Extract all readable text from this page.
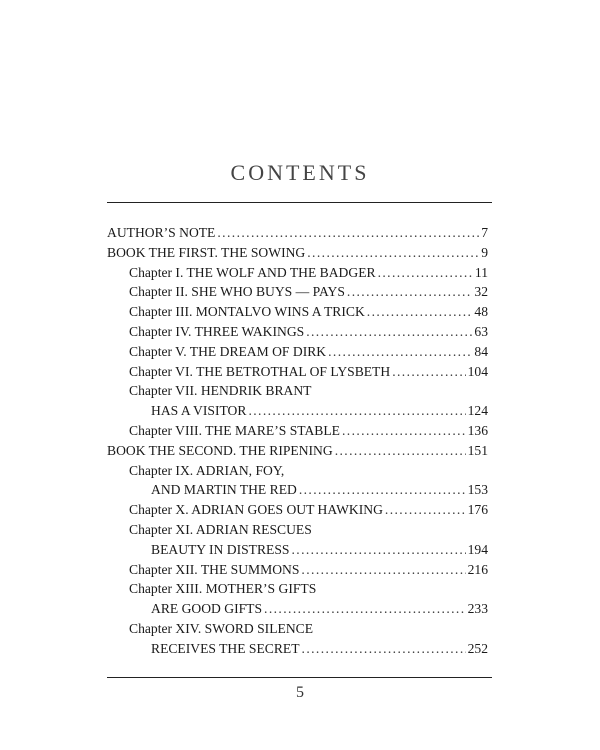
CONTENTS
AUTHOR’S NOTE . . .	7
BOOK THE FIRST. THE SOWING . . .	9
Chapter I. THE WOLF AND THE BADGER . . .	11
Chapter II. SHE WHO BUYS — PAYS . . .	32
Chapter III. MONTALVO WINS A TRICK . . .	48
Chapter IV. THREE WAKINGS . . .	63
Chapter V. THE DREAM OF DIRK . . .	84
Chapter VI. THE BETROTHAL OF LYSBETH . . .	104
Chapter VII. HENDRIK BRANT
HAS A VISITOR . . .	124
Chapter VIII. THE MARE’S STABLE . . .	136
BOOK THE SECOND. THE RIPENING . . .	151
Chapter IX. ADRIAN, FOY,
AND MARTIN THE RED . . .	153
Chapter X. ADRIAN GOES OUT HAWKING . . .	176
Chapter XI. ADRIAN RESCUES
BEAUTY IN DISTRESS . . .	194
Chapter XII. THE SUMMONS . . .	216
Chapter XIII. MOTHER’S GIFTS
ARE GOOD GIFTS . . .	233
Chapter XIV. SWORD SILENCE
RECEIVES THE SECRET . . .	252
5
